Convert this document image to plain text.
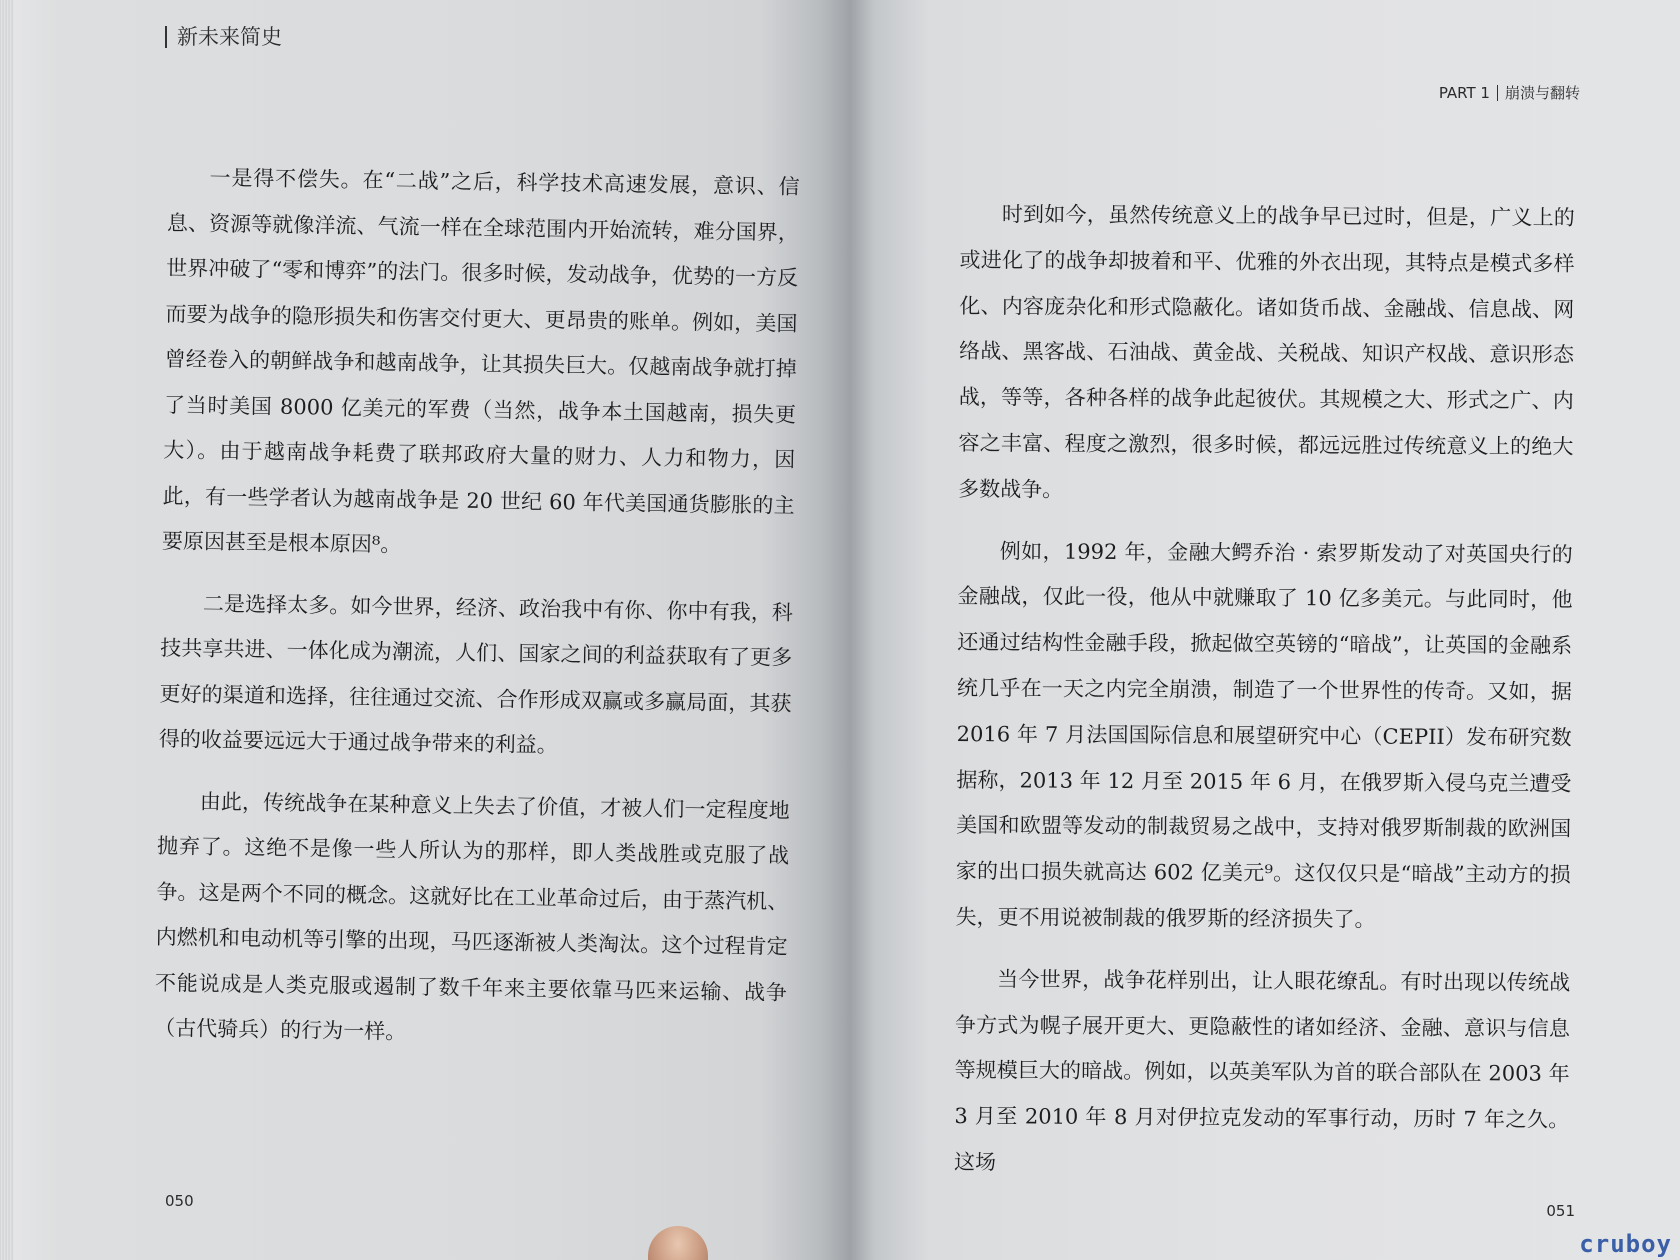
新未来简史

一是得不偿失。在“二战”之后，科学技术高速发展，意识、信息、资源等就像洋流、气流一样在全球范围内开始流转，难分国界，世界冲破了“零和博弈”的法门。很多时候，发动战争，优势的一方反而要为战争的隐形损失和伤害交付更大、更昂贵的账单。例如，美国曾经卷入的朝鲜战争和越南战争，让其损失巨大。仅越南战争就打掉了当时美国 8000 亿美元的军费（当然，战争本土国越南，损失更大）。由于越南战争耗费了联邦政府大量的财力、人力和物力，因此，有一些学者认为越南战争是 20 世纪 60 年代美国通货膨胀的主要原因甚至是根本原因⁸。

二是选择太多。如今世界，经济、政治我中有你、你中有我，科技共享共进、一体化成为潮流，人们、国家之间的利益获取有了更多更好的渠道和选择，往往通过交流、合作形成双赢或多赢局面，其获得的收益要远远大于通过战争带来的利益。

由此，传统战争在某种意义上失去了价值，才被人们一定程度地抛弃了。这绝不是像一些人所认为的那样，即人类战胜或克服了战争。这是两个不同的概念。这就好比在工业革命过后，由于蒸汽机、内燃机和电动机等引擎的出现，马匹逐渐被人类淘汰。这个过程肯定不能说成是人类克服或遏制了数千年来主要依靠马匹来运输、战争（古代骑兵）的行为一样。

050
PART 1 崩溃与翻转

时到如今，虽然传统意义上的战争早已过时，但是，广义上的或进化了的战争却披着和平、优雅的外衣出现，其特点是模式多样化、内容庞杂化和形式隐蔽化。诸如货币战、金融战、信息战、网络战、黑客战、石油战、黄金战、关税战、知识产权战、意识形态战，等等，各种各样的战争此起彼伏。其规模之大、形式之广、内容之丰富、程度之激烈，很多时候，都远远胜过传统意义上的绝大多数战争。

例如，1992 年，金融大鳄乔治 · 索罗斯发动了对英国央行的金融战，仅此一役，他从中就赚取了 10 亿多美元。与此同时，他还通过结构性金融手段，掀起做空英镑的“暗战”，让英国的金融系统几乎在一天之内完全崩溃，制造了一个世界性的传奇。又如，据 2016 年 7 月法国国际信息和展望研究中心（CEPII）发布研究数据称，2013 年 12 月至 2015 年 6 月，在俄罗斯入侵乌克兰遭受美国和欧盟等发动的制裁贸易之战中，支持对俄罗斯制裁的欧洲国家的出口损失就高达 602 亿美元⁹。这仅仅只是“暗战”主动方的损失，更不用说被制裁的俄罗斯的经济损失了。

当今世界，战争花样别出，让人眼花缭乱。有时出现以传统战争方式为幌子展开更大、更隐蔽性的诸如经济、金融、意识与信息等规模巨大的暗战。例如，以英美军队为首的联合部队在 2003 年 3 月至 2010 年 8 月对伊拉克发动的军事行动，历时 7 年之久。这场

051
cruboy
